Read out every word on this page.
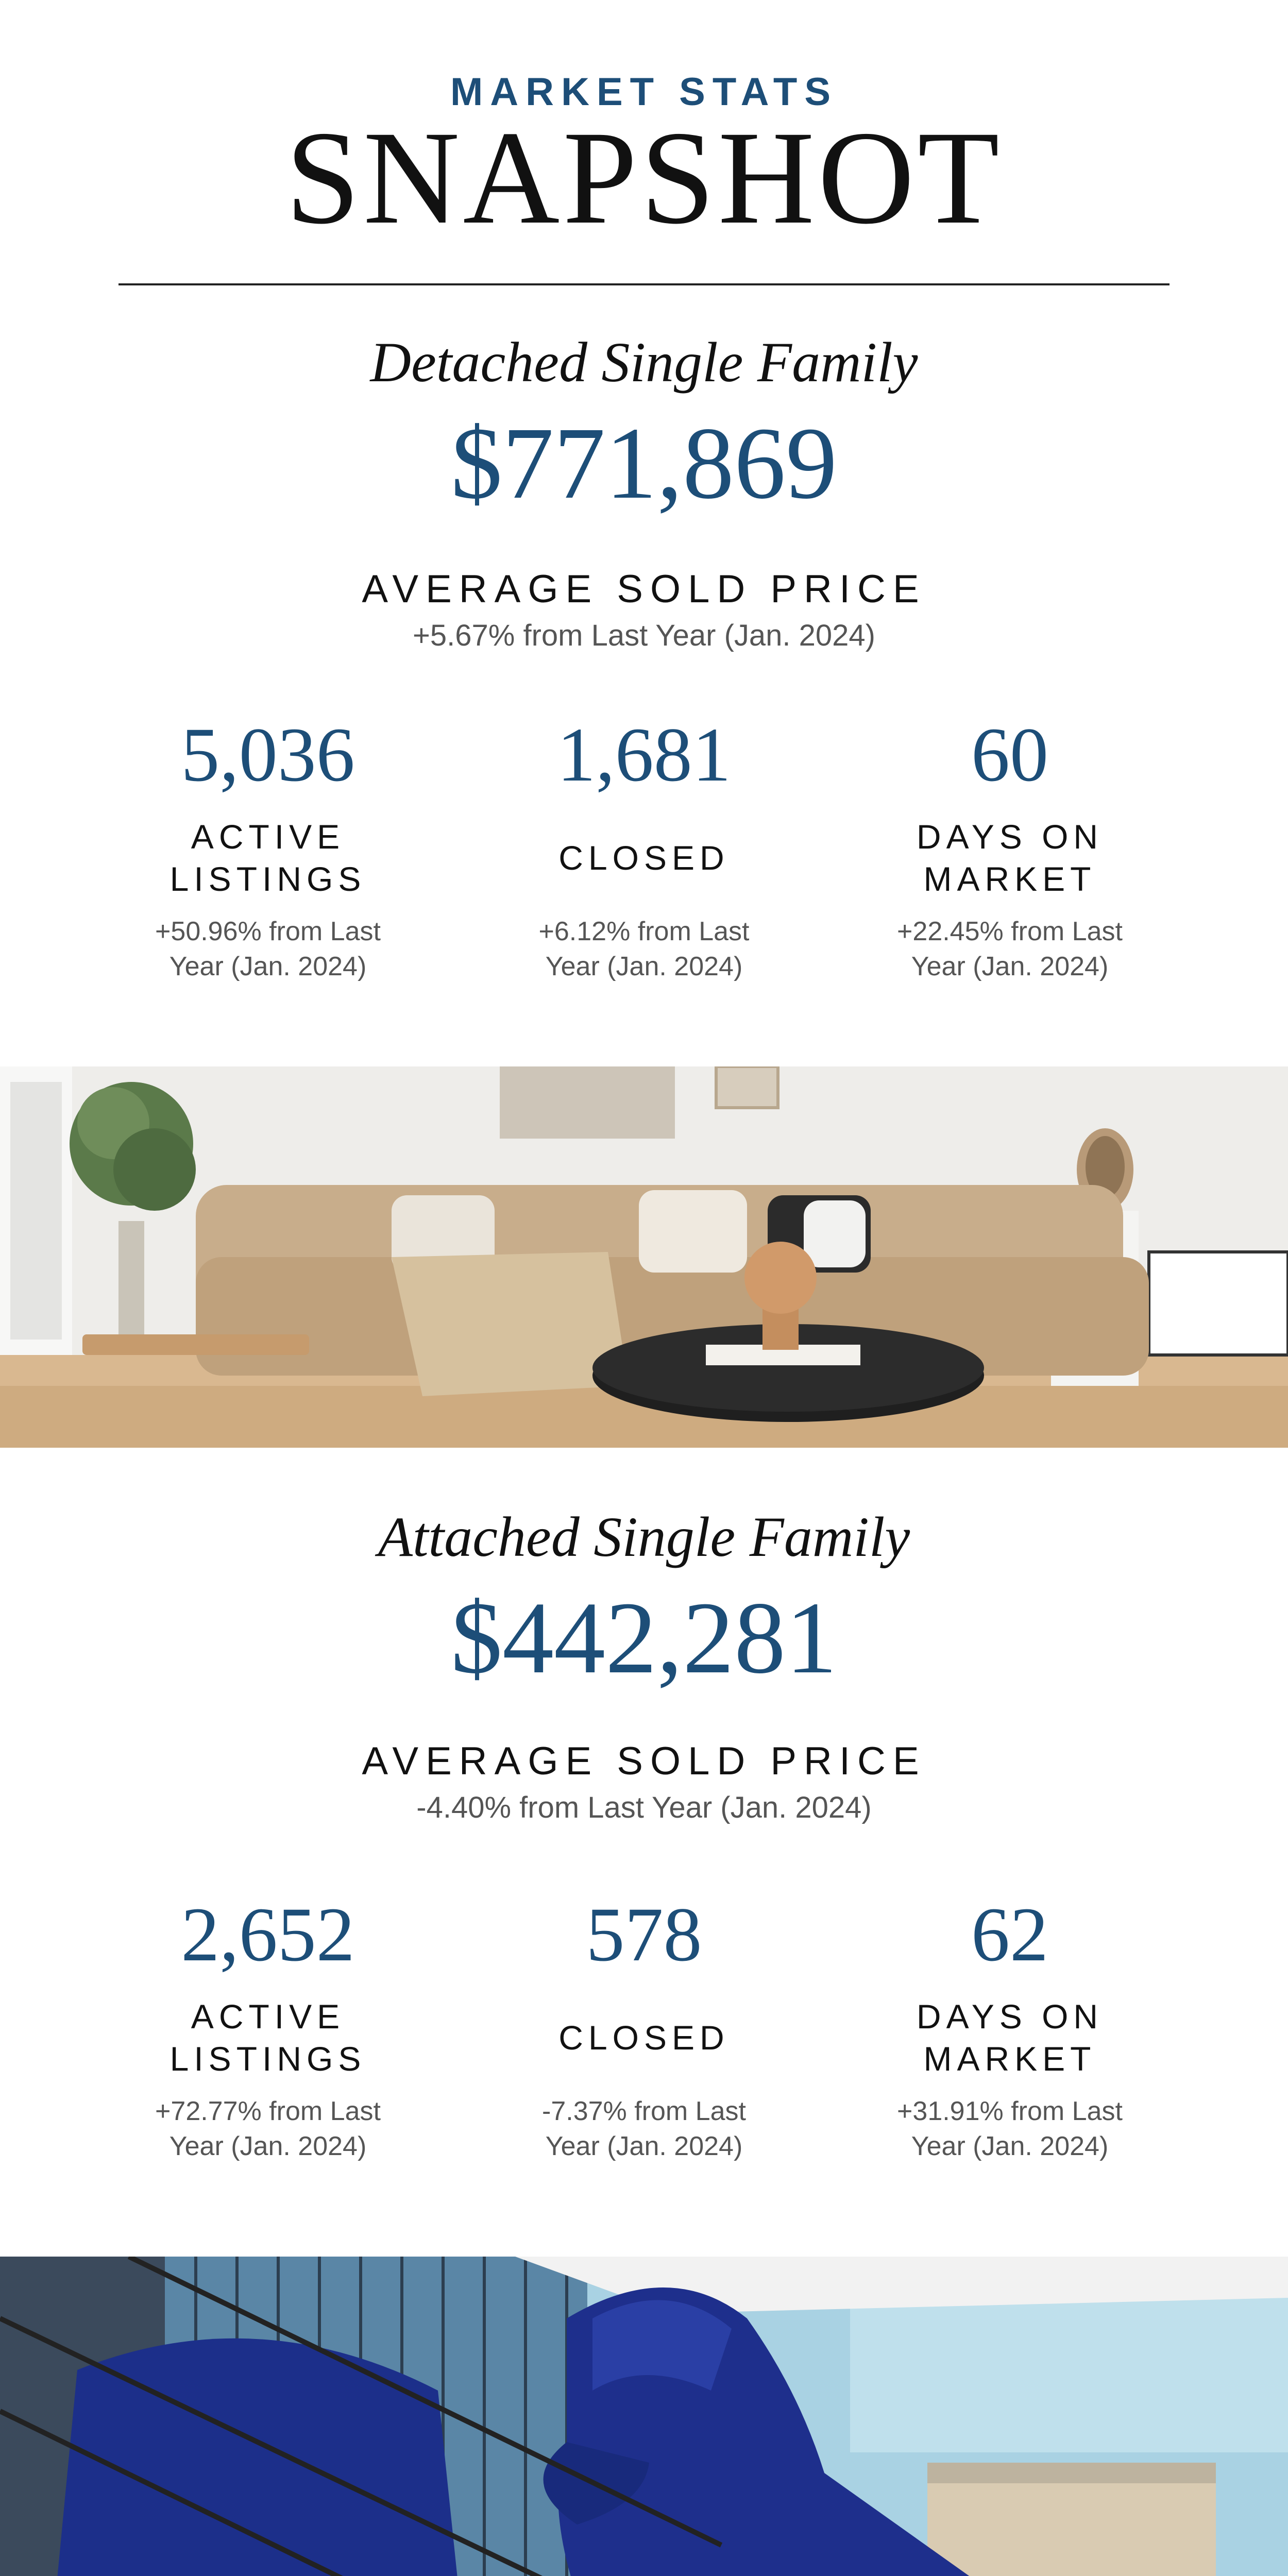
MARKET STATS
SNAPSHOT
Detached Single Family
$771,869
AVERAGE SOLD PRICE
+5.67% from Last Year (Jan. 2024)
5,036
ACTIVE
LISTINGS
+50.96% from Last
Year (Jan. 2024)
1,681
CLOSED
+6.12% from Last
Year (Jan. 2024)
60
DAYS ON
MARKET
+22.45% from Last
Year (Jan. 2024)
Attached Single Family
$442,281
AVERAGE SOLD PRICE
-4.40% from Last Year (Jan. 2024)
2,652
ACTIVE
LISTINGS
+72.77% from Last
Year (Jan. 2024)
578
CLOSED
-7.37% from Last
Year (Jan. 2024)
62
DAYS ON
MARKET
+31.91% from Last
Year (Jan. 2024)
